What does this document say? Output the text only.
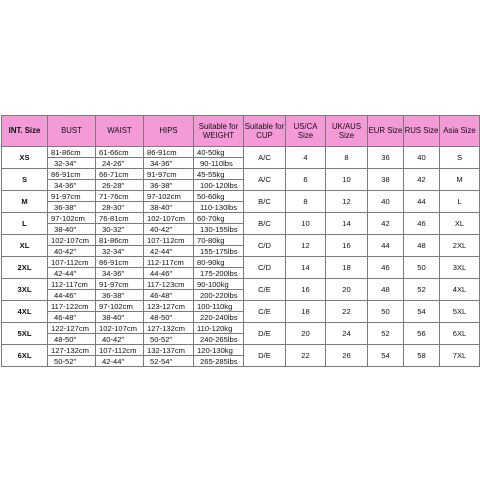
INT. Size	BUST	WAIST	HIPS	Suitable for WEIGHT	Suitable for CUP	US/CA Size	UK/AUS Size	EUR Size	RUS Size	Asia Size
XS	81-86cm	61-66cm	86-91cm	40-50kg	A/C	4	8	36	40	S
	32-34″	24-26″	34-36″	90-110lbs						
S	86-91cm	66-71cm	91-97cm	45-55kg	A/C	6	10	38	42	M
	34-36″	26-28″	36-38″	100-120lbs						
M	91-97cm	71-76cm	97-102cm	50-60kg	B/C	8	12	40	44	L
	36-38″	28-30″	38-40″	110-130lbs						
L	97-102cm	76-81cm	102-107cm	60-70kg	B/C	10	14	42	46	XL
	38-40″	30-32″	40-42″	130-155lbs						
XL	102-107cm	81-86cm	107-112cm	70-80kg	C/D	12	16	44	48	2XL
	40-42″	32-34″	42-44″	155-175lbs						
2XL	107-112cm	86-91cm	112-117cm	80-90kg	C/D	14	18	46	50	3XL
	42-44″	34-36″	44-46″	175-200lbs						
3XL	112-117cm	91-97cm	117-123cm	90-100kg	C/E	16	20	48	52	4XL
	44-46″	36-38″	46-48″	200-220lbs						
4XL	117-122cm	97-102cm	123-127cm	100-110kg	C/E	18	22	50	54	5XL
	46-48″	38-40″	48-50″	220-240lbs						
5XL	122-127cm	102-107cm	127-132cm	110-120kg	D/E	20	24	52	56	6XL
	48-50″	40-42″	50-52″	240-265lbs						
6XL	127-132cm	107-112cm	132-137cm	120-130kg	D/E	22	26	54	58	7XL
	50-52″	42-44″	52-54″	265-285lbs						
